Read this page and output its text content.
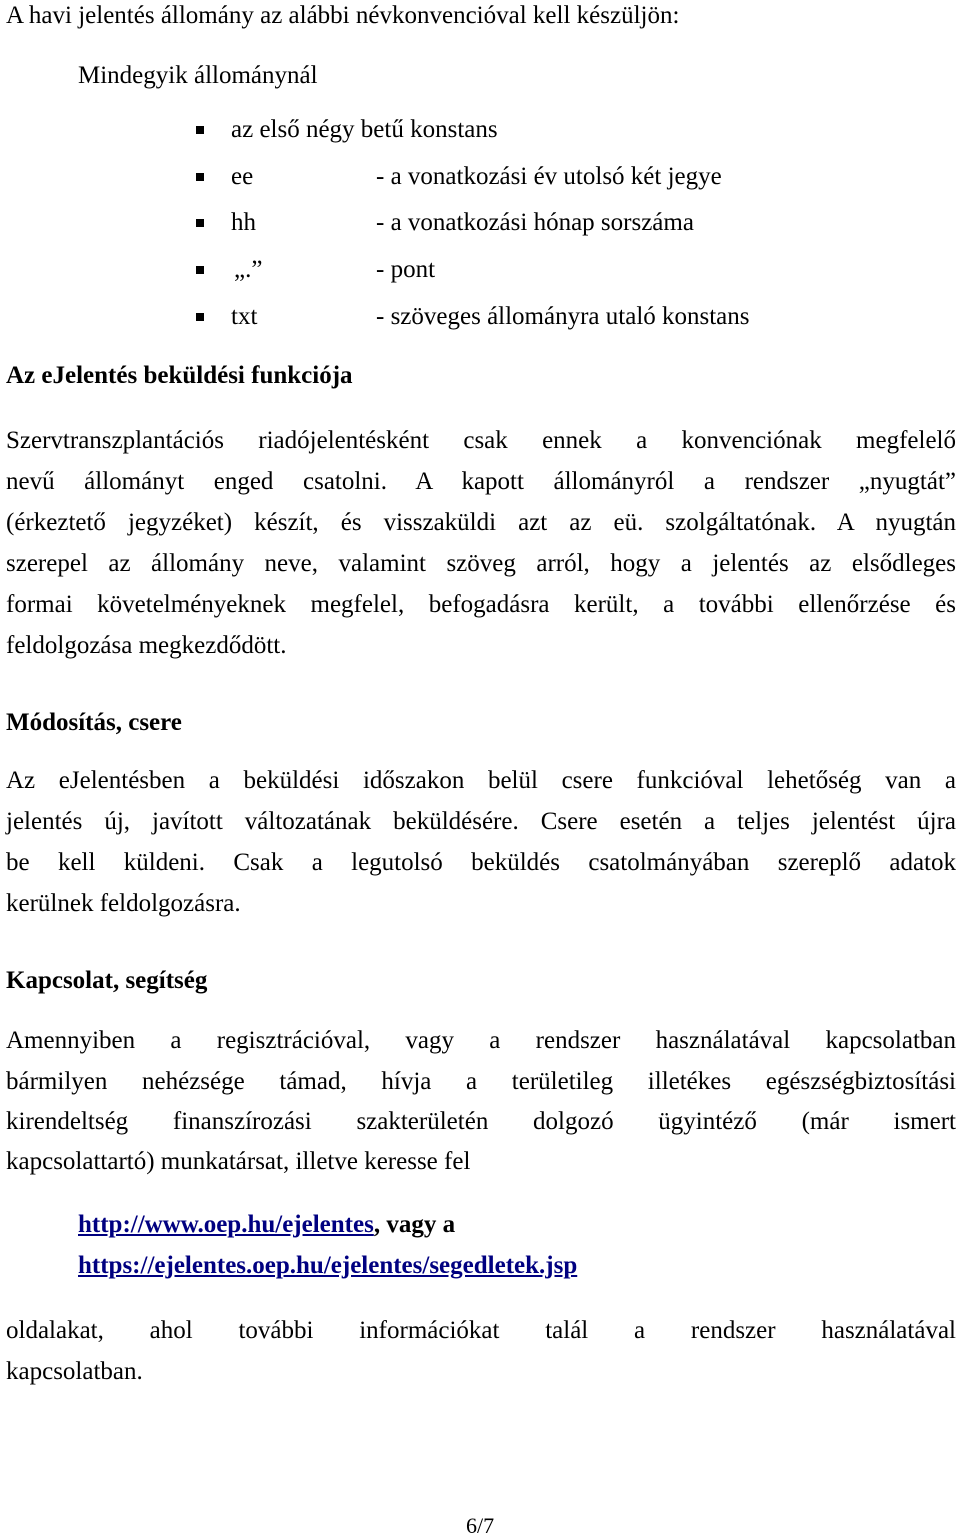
A havi jelentés állomány az alábbi névkonvencióval kell készüljön:
Mindegyik állománynál
az első négy betű konstans
ee	- a vonatkozási év utolsó két jegye
hh	- a vonatkozási hónap sorszáma
„.”	- pont
txt	- szöveges állományra utaló konstans
Az eJelentés beküldési funkciója
Szervtranszplantációs riadójelentésként csak ennek a konvenciónak megfelelő
nevű állományt enged csatolni. A kapott állományról a rendszer „nyugtát”
(érkeztető jegyzéket) készít, és visszaküldi azt az eü. szolgáltatónak. A nyugtán
szerepel az állomány neve, valamint szöveg arról, hogy a jelentés az elsődleges
formai követelményeknek megfelel, befogadásra került, a további ellenőrzése és
feldolgozása megkezdődött.
Módosítás, csere
Az eJelentésben a beküldési időszakon belül csere funkcióval lehetőség van a
jelentés új, javított változatának beküldésére. Csere esetén a teljes jelentést újra
be kell küldeni. Csak a legutolsó beküldés csatolmányában szereplő adatok
kerülnek feldolgozásra.
Kapcsolat, segítség
Amennyiben a regisztrációval, vagy a rendszer használatával kapcsolatban
bármilyen nehézsége támad, hívja a területileg illetékes egészségbiztosítási
kirendeltség finanszírozási szakterületén dolgozó ügyintéző (már ismert
kapcsolattartó) munkatársat, illetve keresse fel
http://www.oep.hu/ejelentes, vagy a
https://ejelentes.oep.hu/ejelentes/segedletek.jsp
oldalakat, ahol további információkat talál a rendszer használatával
kapcsolatban.
6/7
